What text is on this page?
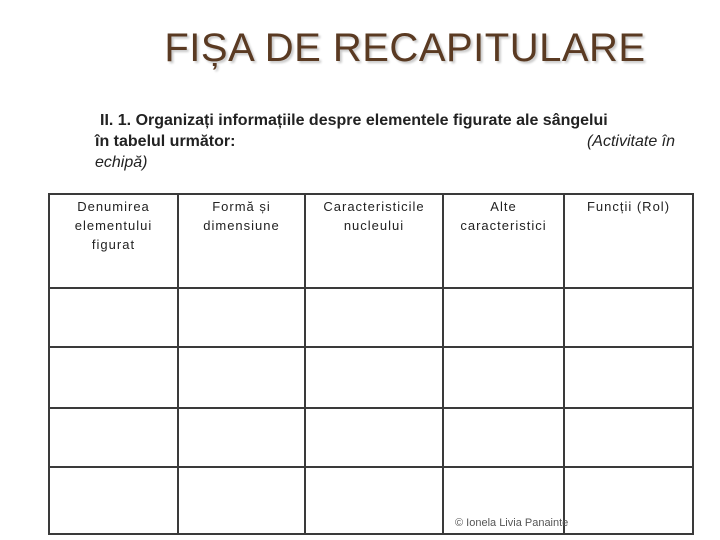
FIȘA DE RECAPITULARE
II. 1. Organizați informațiile despre elementele figurate ale sângelui
în tabelul următor:	(Activitate în
echipă)
Denumirea elementului figurat	Formă și dimensiune	Caracteristicile nucleului	Alte caracteristici	Funcții (Rol)

© Ionela Livia Panainte
